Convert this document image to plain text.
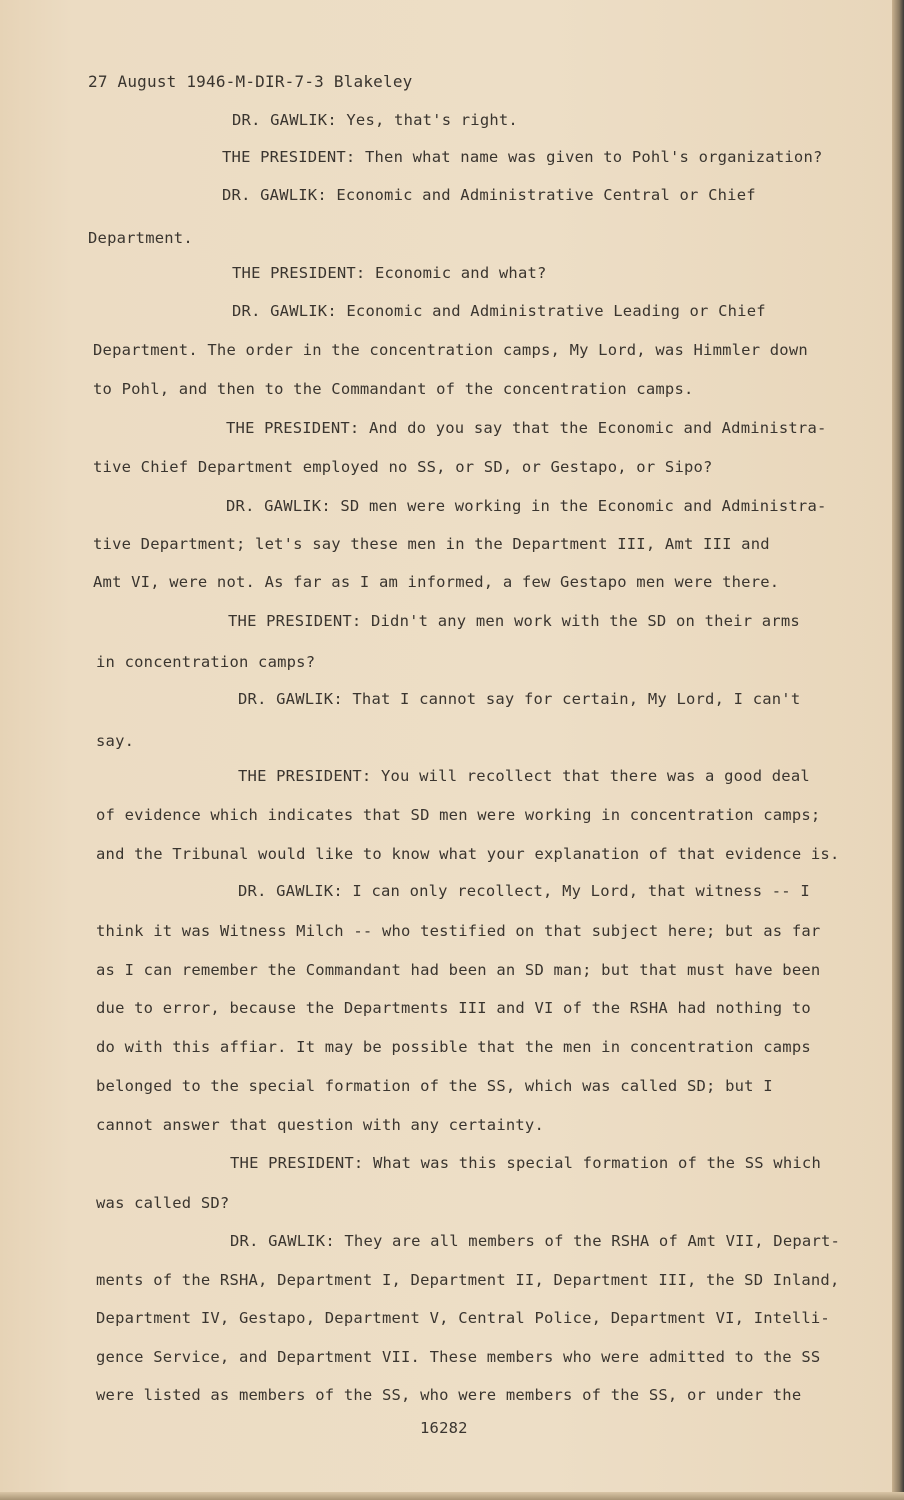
27 August 1946-M-DIR-7-3 Blakeley
DR. GAWLIK: Yes, that's right.
THE PRESIDENT: Then what name was given to Pohl's organization?
DR. GAWLIK: Economic and Administrative Central or Chief
Department.
THE PRESIDENT: Economic and what?
DR. GAWLIK: Economic and Administrative Leading or Chief
Department. The order in the concentration camps, My Lord, was Himmler down
to Pohl, and then to the Commandant of the concentration camps.
THE PRESIDENT: And do you say that the Economic and Administra-
tive Chief Department employed no SS, or SD, or Gestapo, or Sipo?
DR. GAWLIK: SD men were working in the Economic and Administra-
tive Department; let's say these men in the Department III, Amt III and
Amt VI, were not. As far as I am informed, a few Gestapo men were there.
THE PRESIDENT: Didn't any men work with the SD on their arms
in concentration camps?
DR. GAWLIK: That I cannot say for certain, My Lord, I can't
say.
THE PRESIDENT: You will recollect that there was a good deal
of evidence which indicates that SD men were working in concentration camps;
and the Tribunal would like to know what your explanation of that evidence is.
DR. GAWLIK: I can only recollect, My Lord, that witness -- I
think it was Witness Milch -- who testified on that subject here; but as far
as I can remember the Commandant had been an SD man; but that must have been
due to error, because the Departments III and VI of the RSHA had nothing to
do with this affiar. It may be possible that the men in concentration camps
belonged to the special formation of the SS, which was called SD; but I
cannot answer that question with any certainty.
THE PRESIDENT: What was this special formation of the SS which
was called SD?
DR. GAWLIK: They are all members of the RSHA of Amt VII, Depart-
ments of the RSHA, Department I, Department II, Department III, the SD Inland,
Department IV, Gestapo, Department V, Central Police, Department VI, Intelli-
gence Service, and Department VII. These members who were admitted to the SS
were listed as members of the SS, who were members of the SS, or under the
16282
